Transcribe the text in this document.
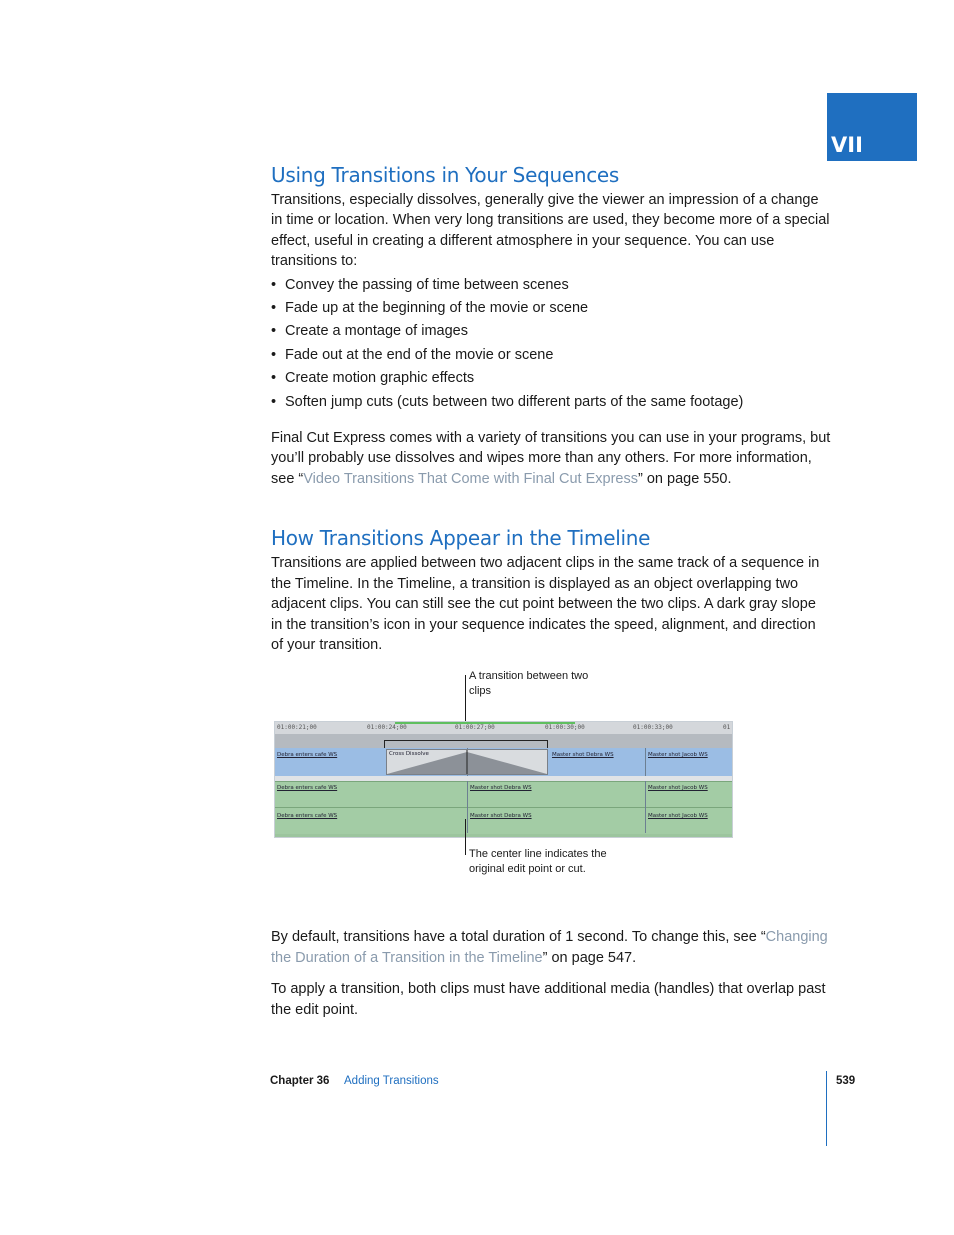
VII
Using Transitions in Your Sequences

Transitions, especially dissolves, generally give the viewer an impression of a change in time or location. When very long transitions are used, they become more of a special effect, useful in creating a different atmosphere in your sequence. You can use transitions to:

• Convey the passing of time between scenes
• Fade up at the beginning of the movie or scene
• Create a montage of images
• Fade out at the end of the movie or scene
• Create motion graphic effects
• Soften jump cuts (cuts between two different parts of the same footage)

Final Cut Express comes with a variety of transitions you can use in your programs, but you’ll probably use dissolves and wipes more than any others. For more information, see “Video Transitions That Come with Final Cut Express” on page 550.

How Transitions Appear in the Timeline

Transitions are applied between two adjacent clips in the same track of a sequence in the Timeline. In the Timeline, a transition is displayed as an object overlapping two adjacent clips. You can still see the cut point between the two clips. A dark gray slope in the transition’s icon in your sequence indicates the speed, alignment, and direction of your transition.

A transition between two clips
01:00:21;00	01:00:24;00	01:00:27;00	01:00:30;00	01:00:33;00	01
Debra enters cafe WS	Master shot Debra WS	Master shot Jacob WS
Cross Dissolve
Debra enters cafe WS	Master shot Debra WS	Master shot Jacob WS
Debra enters cafe WS	Master shot Debra WS	Master shot Jacob WS
The center line indicates the original edit point or cut.

By default, transitions have a total duration of 1 second. To change this, see “Changing the Duration of a Transition in the Timeline” on page 547.

To apply a transition, both clips must have additional media (handles) that overlap past the edit point.

Chapter 36 Adding Transitions	539
